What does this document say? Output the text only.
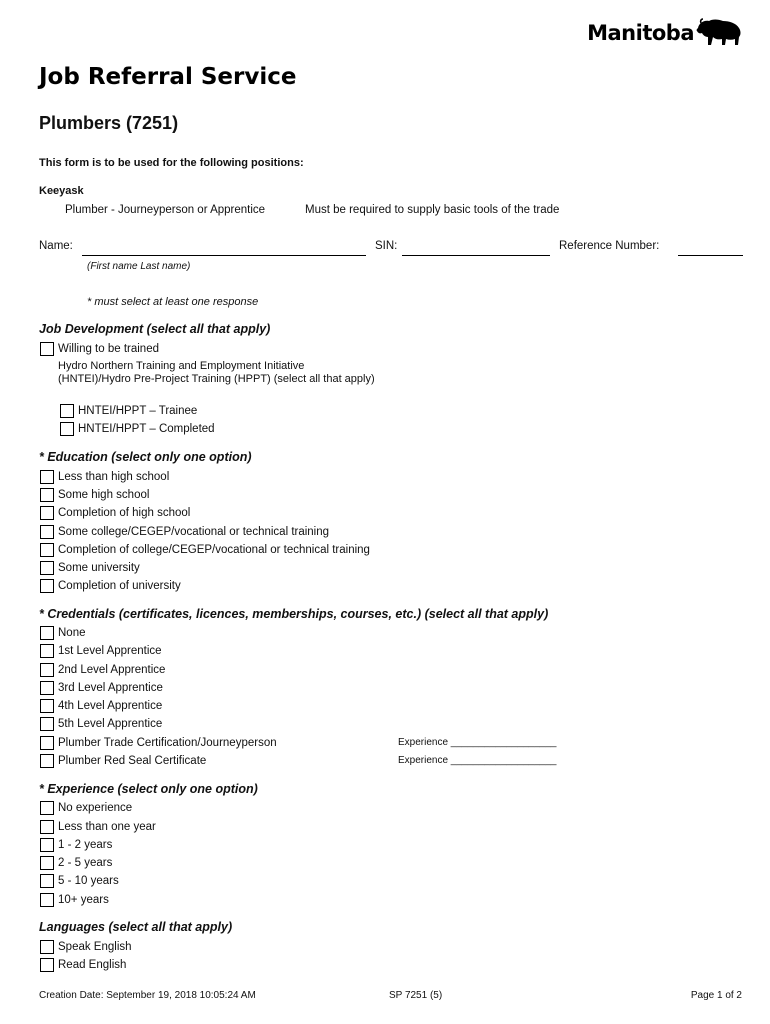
Manitoba
Job Referral Service
Plumbers (7251)
This form is to be used for the following positions:
Keeyask
Plumber - Journeyperson or Apprentice	Must be required to supply basic tools of the trade
Name:	SIN:	Reference Number:
(First name Last name)
* must select at least one response
Job Development (select all that apply)
Willing to be trained
Hydro Northern Training and Employment Initiative (HNTEI)/Hydro Pre-Project Training (HPPT) (select all that apply)
HNTEI/HPPT – Trainee
HNTEI/HPPT – Completed
* Education (select only one option)
Less than high school
Some high school
Completion of high school
Some college/CEGEP/vocational or technical training
Completion of college/CEGEP/vocational or technical training
Some university
Completion of university
* Credentials (certificates, licences, memberships, courses, etc.) (select all that apply)
None
1st Level Apprentice
2nd Level Apprentice
3rd Level Apprentice
4th Level Apprentice
5th Level Apprentice
Plumber Trade Certification/Journeyperson	Experience ___________________
Plumber Red Seal Certificate	Experience ___________________
* Experience (select only one option)
No experience
Less than one year
1 - 2 years
2 - 5 years
5 - 10 years
10+ years
Languages (select all that apply)
Speak English
Read English
Creation Date: September 19, 2018 10:05:24 AM	SP 7251 (5)	Page 1 of 2
